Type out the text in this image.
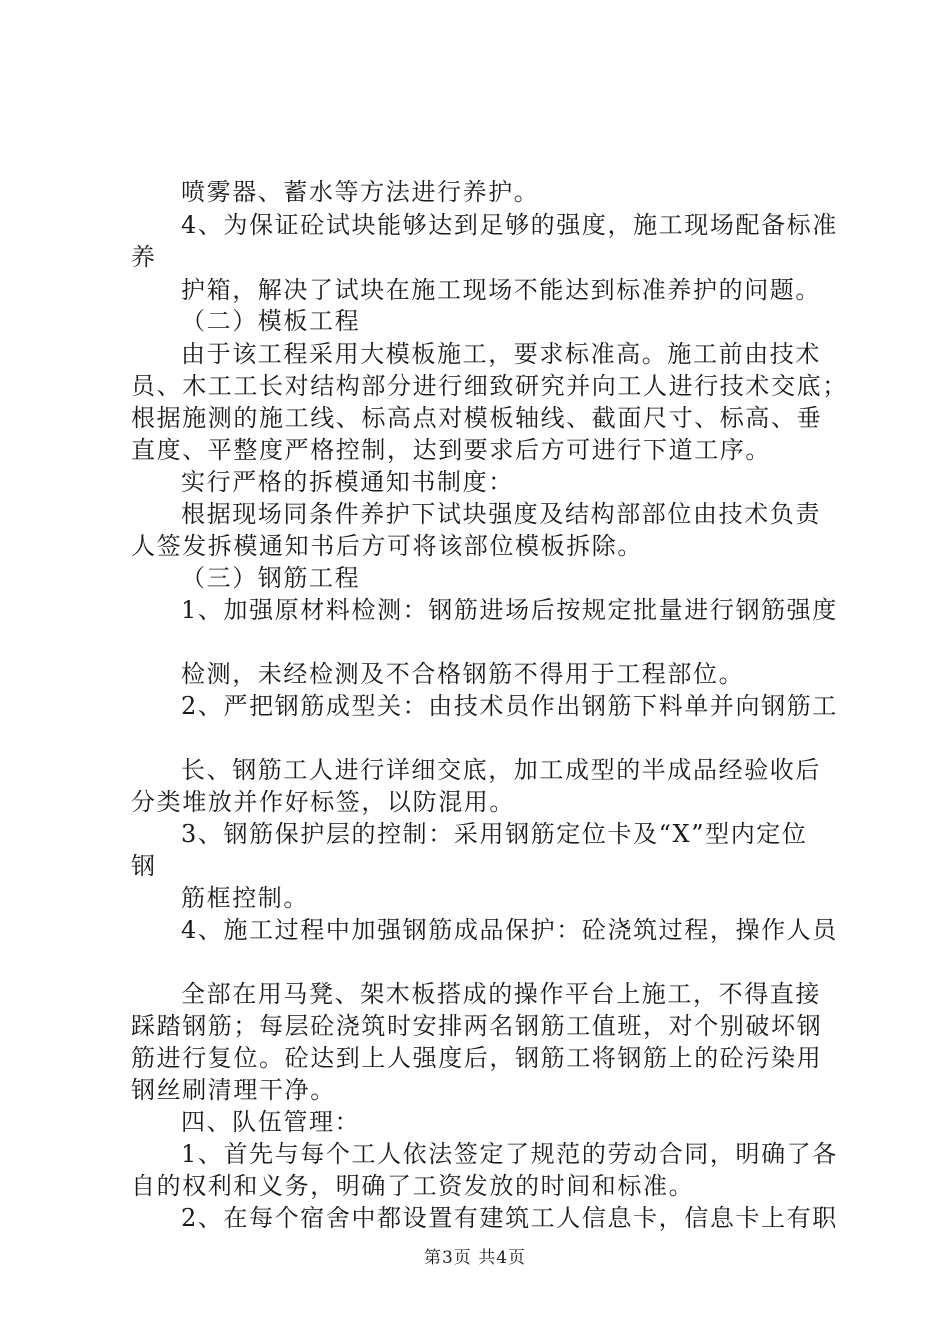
喷雾器、蓄水等方法进行养护。
4、为保证砼试块能够达到足够的强度，施工现场配备标准
养
护箱，解决了试块在施工现场不能达到标准养护的问题。
（二）模板工程
由于该工程采用大模板施工，要求标准高。施工前由技术
员、木工工长对结构部分进行细致研究并向工人进行技术交底；
根据施测的施工线、标高点对模板轴线、截面尺寸、标高、垂
直度、平整度严格控制，达到要求后方可进行下道工序。
实行严格的拆模通知书制度：
根据现场同条件养护下试块强度及结构部部位由技术负责
人签发拆模通知书后方可将该部位模板拆除。
（三）钢筋工程
1、加强原材料检测：钢筋进场后按规定批量进行钢筋强度
检测，未经检测及不合格钢筋不得用于工程部位。
2、严把钢筋成型关：由技术员作出钢筋下料单并向钢筋工
长、钢筋工人进行详细交底，加工成型的半成品经验收后
分类堆放并作好标签，以防混用。
3、钢筋保护层的控制：采用钢筋定位卡及“X”型内定位
钢
筋框控制。
4、施工过程中加强钢筋成品保护：砼浇筑过程，操作人员
全部在用马凳、架木板搭成的操作平台上施工，不得直接
踩踏钢筋；每层砼浇筑时安排两名钢筋工值班，对个别破坏钢
筋进行复位。砼达到上人强度后，钢筋工将钢筋上的砼污染用
钢丝刷清理干净。
四、队伍管理：
1、首先与每个工人依法签定了规范的劳动合同，明确了各
自的权利和义务，明确了工资发放的时间和标准。
2、在每个宿舍中都设置有建筑工人信息卡，信息卡上有职
第3页 共4页
